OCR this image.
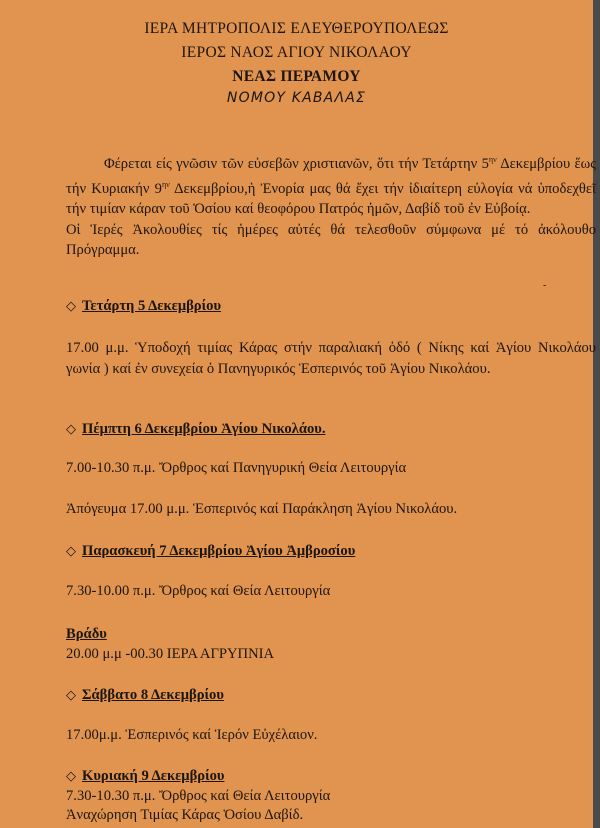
ΙΕΡΑ ΜΗΤΡΟΠΟΛΙΣ ΕΛΕΥΘΕΡΟΥΠΟΛΕΩΣ
ΙΕΡΟΣ ΝΑΟΣ ΑΓΙΟΥ ΝΙΚΟΛΑΟΥ
ΝΕΑΣ ΠΕΡΑΜΟΥ
ΝΟΜΟΥ ΚΑΒΑΛΑΣ

Φέρεται είς γνῶσιν τῶν εὐσεβῶν χριστιανῶν, ὅτι τήν Τετάρτην $5^{\eta\nu}$ Δεκεμβρίου ἕως τήν Κυριακήν $9^{\eta\nu}$ Δεκεμβρίου,ἡ Ἐνορία μας θά ἔχει τήν ἰδιαίτερη εὐλογία νά ὑποδεχθεῖ τήν τιμίαν κάραν τοῦ Ὁσίου καί θεοφόρου Πατρός ἡμῶν, Δαβίδ τοῦ ἐν Εὐβοίᾳ.

Οἱ Ἱερές Ἀκολουθίες τίς ἡμέρες αὐτές θά τελεσθοῦν σύμφωνα μέ τό ἀκόλουθο Πρόγραμμα.

-
◇ Τετάρτη 5 Δεκεμβρίου
17.00 μ.μ. Ὑποδοχή τιμίας Κάρας στήν παραλιακή ὁδό ( Νίκης καί Ἁγίου Νικολάου γωνία ) καί ἐν συνεχεία ὁ Πανηγυρικός Ἑσπερινός τοῦ Ἁγίου Νικολάου.
◇ Πέμπτη 6 Δεκεμβρίου Ἁγίου Νικολάου.
7.00-10.30 π.μ. Ὄρθρος καί Πανηγυρική Θεία Λειτουργία
Ἀπόγευμα 17.00 μ.μ. Ἑσπερινός καί Παράκληση Ἁγίου Νικολάου.
◇ Παρασκευή 7 Δεκεμβρίου Ἁγίου Ἀμβροσίου
7.30-10.00 π.μ. Ὄρθρος καί Θεία Λειτουργία
Βράδυ
20.00 μ.μ -00.30 ΙΕΡΑ ΑΓΡΥΠΝΙΑ
◇ Σάββατο 8 Δεκεμβρίου
17.00μ.μ. Ἑσπερινός καί Ἱερόν Εὐχέλαιον.
◇ Κυριακή 9 Δεκεμβρίου
7.30-10.30 π.μ. Ὄρθρος καί Θεία Λειτουργία
Ἀναχώρηση Τιμίας Κάρας Ὁσίου Δαβίδ.
